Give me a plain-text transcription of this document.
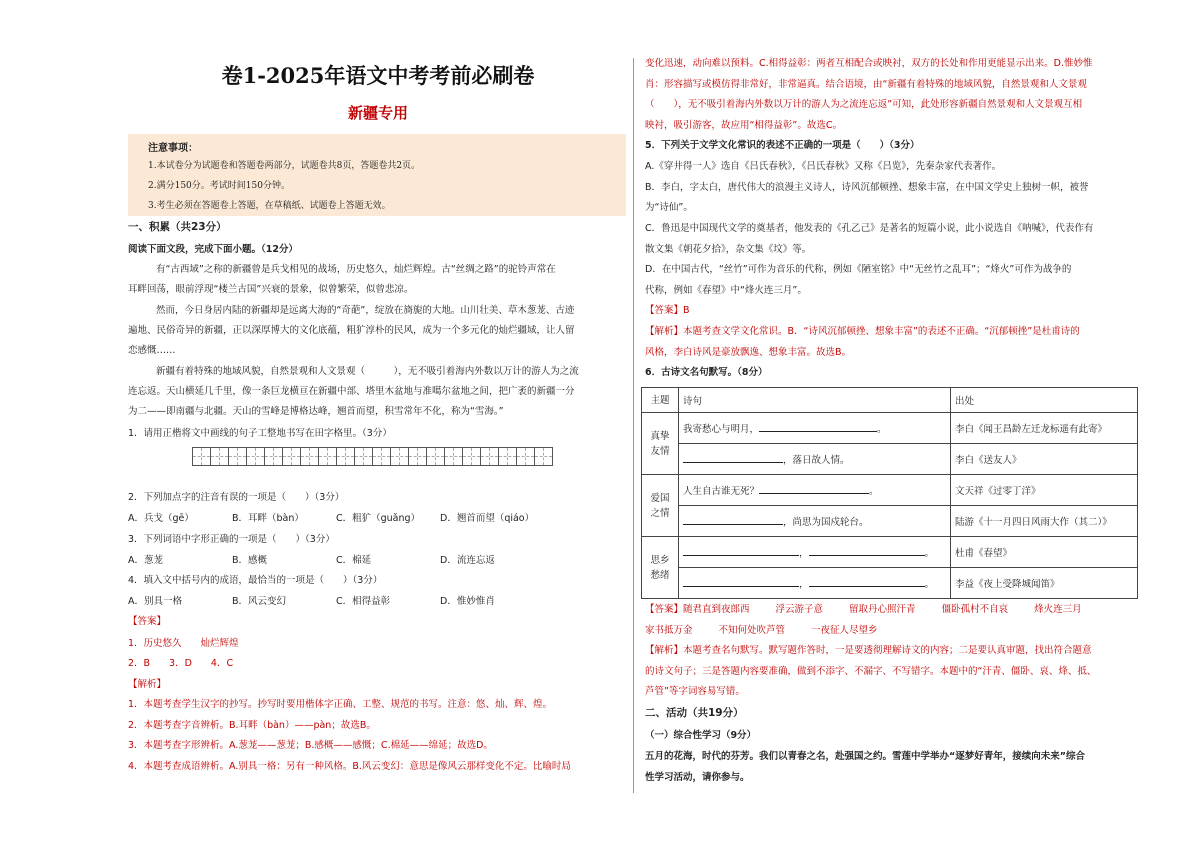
卷1-2025年语文中考考前必刷卷
新疆专用
注意事项：
1.本试卷分为试题卷和答题卷两部分，试题卷共8页，答题卷共2页。
2.满分150分。考试时间150分钟。
3.考生必须在答题卷上答题，在草稿纸、试题卷上答题无效。
一、积累（共23分）
阅读下面文段，完成下面小题。（12分）
有“古西域”之称的新疆曾是兵戈相见的战场，历史悠久，灿烂辉煌。古“丝绸之路”的驼铃声常在
耳畔回荡，眼前浮现“楼兰古国”兴衰的景象，似曾繁荣，似曾悲凉。
然而，今日身居内陆的新疆却是远离大海的“奇葩”，绽放在旖旎的大地。山川壮美、草木葱茏、古迹
遍地、民俗奇异的新疆，正以深厚博大的文化底蕴，粗犷淳朴的民风，成为一个多元化的灿烂疆域，让人留
恋感慨……
新疆有着特殊的地域风貌，自然景观和人文景观（　　　），无不吸引着海内外数以万计的游人为之流
连忘返。天山横延几千里，像一条巨龙横亘在新疆中部、塔里木盆地与准噶尔盆地之间，把广袤的新疆一分
为二——即南疆与北疆。天山的雪峰是博格达峰，翘首而望，积雪常年不化，称为“雪海。”
1．请用正楷将文中画线的句子工整地书写在田字格里。（3分）
2．下列加点字的注音有误的一项是（　　）（3分）
A．兵戈（gē）	B．耳畔（bàn）	C．粗犷（guǎng） D．翘首而望（qiáo）
3．下列词语中字形正确的一项是（　　）（3分）
A．葱茏	B．感概	C．棉延	D．流连忘返
4．填入文中括号内的成语，最恰当的一项是（　　）（3分）
A．别具一格	B．风云变幻	C．相得益彰	D．惟妙惟肖
【答案】
1．历史悠久　　灿烂辉煌
2．B　　3．D　　4．C
【解析】
1．本题考查学生汉字的抄写。抄写时要用楷体字正确、工整、规范的书写。注意：悠、灿、辉、煌。
2．本题考查字音辨析。B.耳畔（bàn）——pàn；故选B。
3．本题考查字形辨析。A.葱茏——葱茏；B.感概——感慨；C.棉延——绵延；故选D。
4．本题考查成语辨析。A.别具一格：另有一种风格。B.风云变幻：意思是像风云那样变化不定。比喻时局
变化迅速，动向难以预料。C.相得益彰：两者互相配合或映衬，双方的长处和作用更能显示出来。D.惟妙惟
肖：形容描写或模仿得非常好，非常逼真。结合语境，由“新疆有着特殊的地域风貌，自然景观和人文景观
（　　），无不吸引着海内外数以万计的游人为之流连忘返”可知，此处形容新疆自然景观和人文景观互相
映衬，吸引游客，故应用“相得益彰”。故选C。
5．下列关于文学文化常识的表述不正确的一项是（　　）（3分）
A.《穿井得一人》选自《吕氏春秋》，《吕氏春秋》又称《吕览》，先秦杂家代表著作。
B．李白，字太白，唐代伟大的浪漫主义诗人，诗风沉郁顿挫、想象丰富，在中国文学史上独树一帜，被誉
为“诗仙”。
C．鲁迅是中国现代文学的奠基者，他发表的《孔乙己》是著名的短篇小说，此小说选自《呐喊》，代表作有
散文集《朝花夕拾》，杂文集《坟》等。
D．在中国古代，“丝竹”可作为音乐的代称，例如《陋室铭》中“无丝竹之乱耳”；“烽火”可作为战争的
代称，例如《春望》中“烽火连三月”。
【答案】B
【解析】本题考查文学文化常识。B．“诗风沉郁顿挫、想象丰富”的表述不正确。“沉郁顿挫”是杜甫诗的
风格，李白诗风是豪放飘逸、想象丰富。故选B。
6．古诗文名句默写。（8分）
主题	诗句	出处
真挚
友情	我寄愁心与明月， 。	李白《闻王昌龄左迁龙标遥有此寄》
	，落日故人情。	李白《送友人》
爱国
之情	人生自古谁无死？ 。	文天祥《过零丁洋》
	，尚思为国戍轮台。	陆游《十一月四日风雨大作（其二）》
思乡
愁绪	， 。	杜甫《春望》
	， 。	李益《夜上受降城闻笛》
【答案】随君直到夜郎西	浮云游子意	留取丹心照汗青	僵卧孤村不自哀	烽火连三月
家书抵万金	不知何处吹芦管	一夜征人尽望乡
【解析】本题考查名句默写。默写题作答时，一是要透彻理解诗文的内容；二是要认真审题，找出符合题意
的诗文句子；三是答题内容要准确，做到不添字、不漏字、不写错字。本题中的“汗青、僵卧、哀、烽、抵、
芦管”等字词容易写错。
二、活动（共19分）
（一）综合性学习（9分）
五月的花海，时代的芬芳。我们以青春之名，赴强国之约。雪莲中学举办“逐梦好青年，接续向未来”综合
性学习活动，请你参与。
